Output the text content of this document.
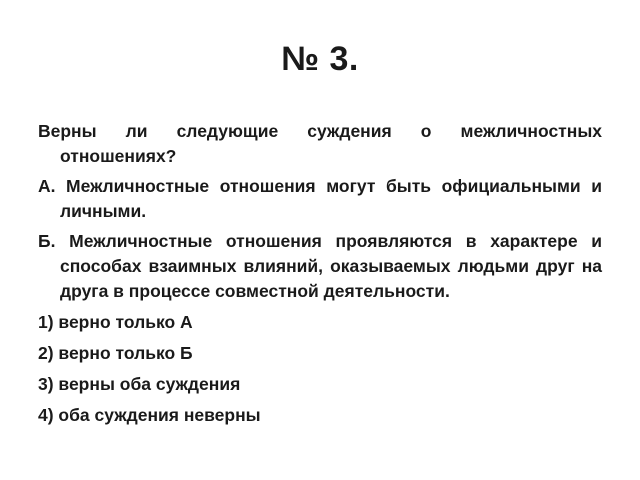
№ 3.

Верны ли следующие суждения о межличностных отношениях?

А. Межличностные отношения могут быть официальными и личными.

Б. Межличностные отношения проявляются в характере и способах взаимных влияний, оказываемых людьми друг на друга в процессе совместной деятельности.

1) верно только А
2) верно только Б
3) верны оба суждения
4) оба суждения неверны
